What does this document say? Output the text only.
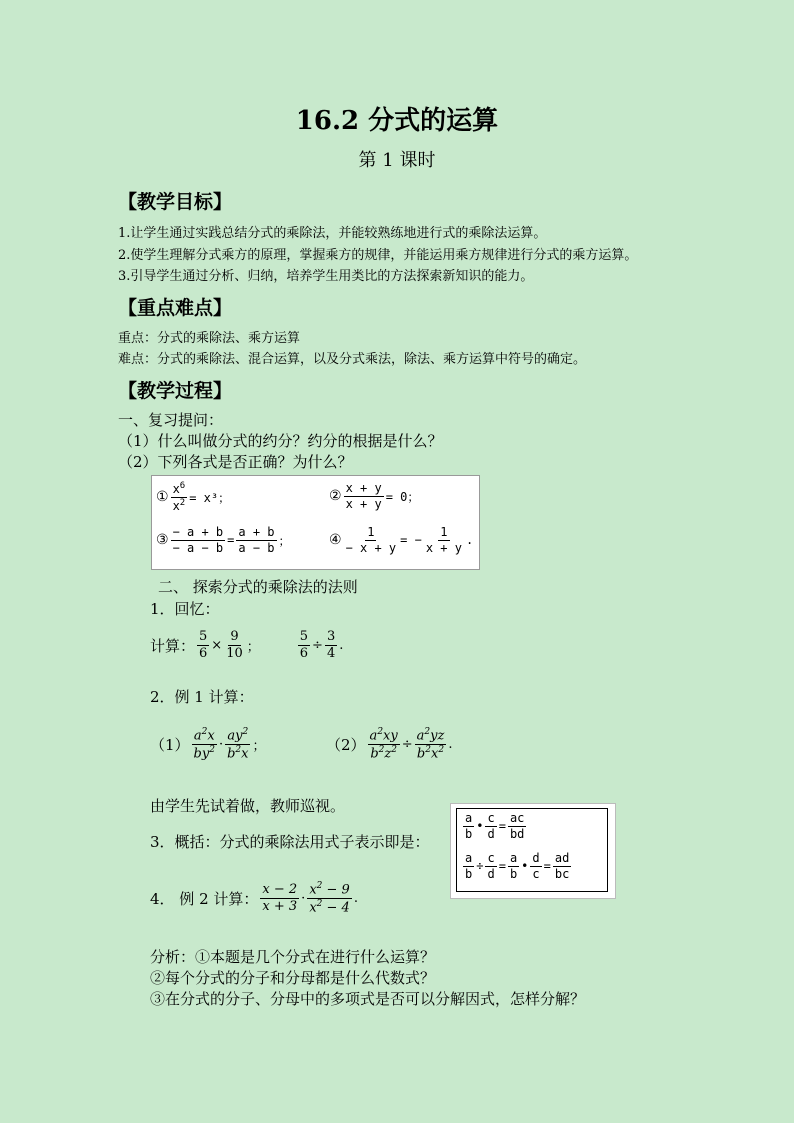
16.2 分式的运算
第 1 课时
【教学目标】
1.让学生通过实践总结分式的乘除法，并能较熟练地进行式的乘除法运算。
2.使学生理解分式乘方的原理，掌握乘方的规律，并能运用乘方规律进行分式的乘方运算。
3.引导学生通过分析、归纳，培养学生用类比的方法探索新知识的能力。
【重点难点】
重点：分式的乘除法、乘方运算
难点：分式的乘除法、混合运算，以及分式乘法，除法、乘方运算中符号的确定。
【教学过程】
一、复习提问：
（1）什么叫做分式的约分？约分的根据是什么？
（2）下列各式是否正确？为什么？
① $\frac{x^6}{x^2} = x^3$；	② $\frac{x + y}{x + y} = 0$；
③ $\frac{- a + b}{- a - b} = \frac{a + b}{a - b}$ ；	④ $\frac{1}{- x + y}$ = − $\frac{1}{x + y}$ .
二、 探索分式的乘除法的法则
1．回忆：
计算： $\frac{5}{6} \times \frac{9}{10}$ ；	$\frac{5}{6} \div \frac{3}{4}$ .
2．例 1 计算：
$(1) \frac{a^2x}{by^2} \cdot \frac{ay^2}{b^2x}$ ；	$(2) \frac{a^2xy}{b^2z^2} \div \frac{a^2yz}{b^2x^2}$ .
由学生先试着做，教师巡视。
3．概括：分式的乘除法用式子表示即是：
$\frac{a}{b}$ • $\frac{c}{d} = \frac{ac}{bd}$
$\frac{a}{b} \div \frac{c}{d} = \frac{a}{b}$ • $\frac{d}{c} = \frac{ad}{bc}$
4． 例 2 计算： $\frac{x - 2}{x + 3} \cdot \frac{x^2 - 9}{x^2 - 4}$ .
分析：①本题是几个分式在进行什么运算？
②每个分式的分子和分母都是什么代数式？
③在分式的分子、分母中的多项式是否可以分解因式，怎样分解？
